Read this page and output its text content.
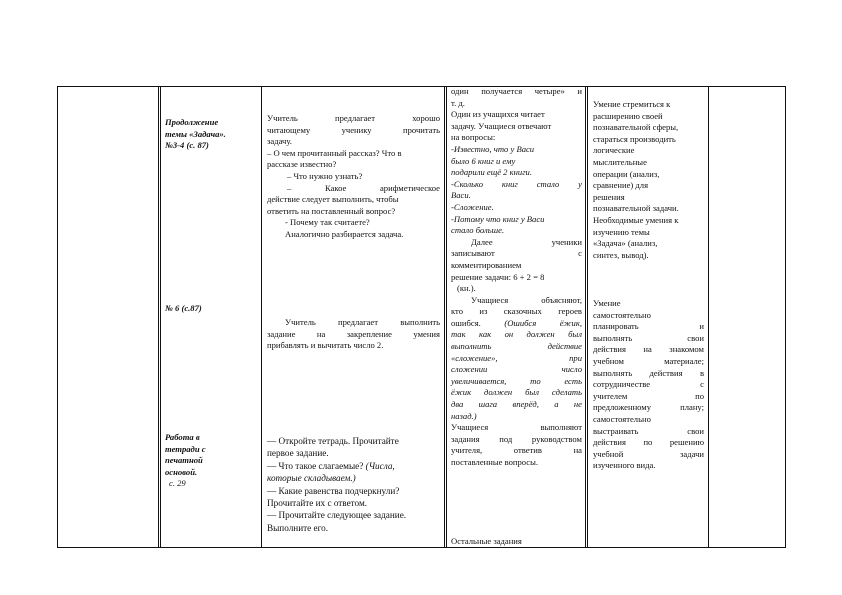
Продолжение

темы «Задача».

№3-4 (с. 87)

№ 6 (с.87)

Работа в

тетради с

печатной

основой.

с. 29

Учитель предлагает хорошо

читающему ученику прочитать

задачу.

– О чем прочитанный рассказ? Что в

рассказе известно?

– Что нужно узнать?

– Какое арифметическое

действие следует выполнить, чтобы

ответить на поставленный вопрос?

- Почему так считаете?

Аналогично разбирается задача.

Учитель предлагает выполнить

задание на закрепление умения

прибавлять и вычитать число 2.

— Откройте тетрадь. Прочитайте

первое задание.

— Что такое слагаемые? (Числа,

которые складываем.)

— Какие равенства подчеркнули?

Прочитайте их с ответом.

— Прочитайте следующее задание.

Выполните его.

один получается четыре» и

т. д.

Один из учащихся читает

задачу. Учащиеся отвечают

на вопросы:

-Известно, что у Васи

было 6 книг и ему

подарили ещё 2 книги.

-Сколько книг стало у

Васи.

-Сложение.

-Потому что книг у Васи

стало больше.

Далее ученики

записывают с

комментированием

решение задачи: 6 + 2 = 8

(кн.).

Учащиеся объясняют,

кто из сказочных героев

ошибся. (Ошибся ёжик,

так как он должен был

выполнить действие

«сложение», при

сложении число

увеличивается, то есть

ёжик должен был сделать

два шага вперёд, а не

назад.)

Учащиеся выполняют

задания под руководством

учителя, ответив на

поставленные вопросы.

Остальные задания

Умение стремиться к

расширению своей

познавательной сферы,

стараться производить

логические

мыслительные

операции (анализ,

сравнение) для

решения

познавательной задачи.

Необходимые умения к

изучению темы

«Задача» (анализ,

синтез, вывод).

Умение

самостоятельно

планировать и

выполнять свои

действия на знакомом

учебном материале;

выполнять действия в

сотрудничестве с

учителем по

предложенному плану;

самостоятельно

выстраивать свои

действия по решению

учебной задачи

изученного вида.
